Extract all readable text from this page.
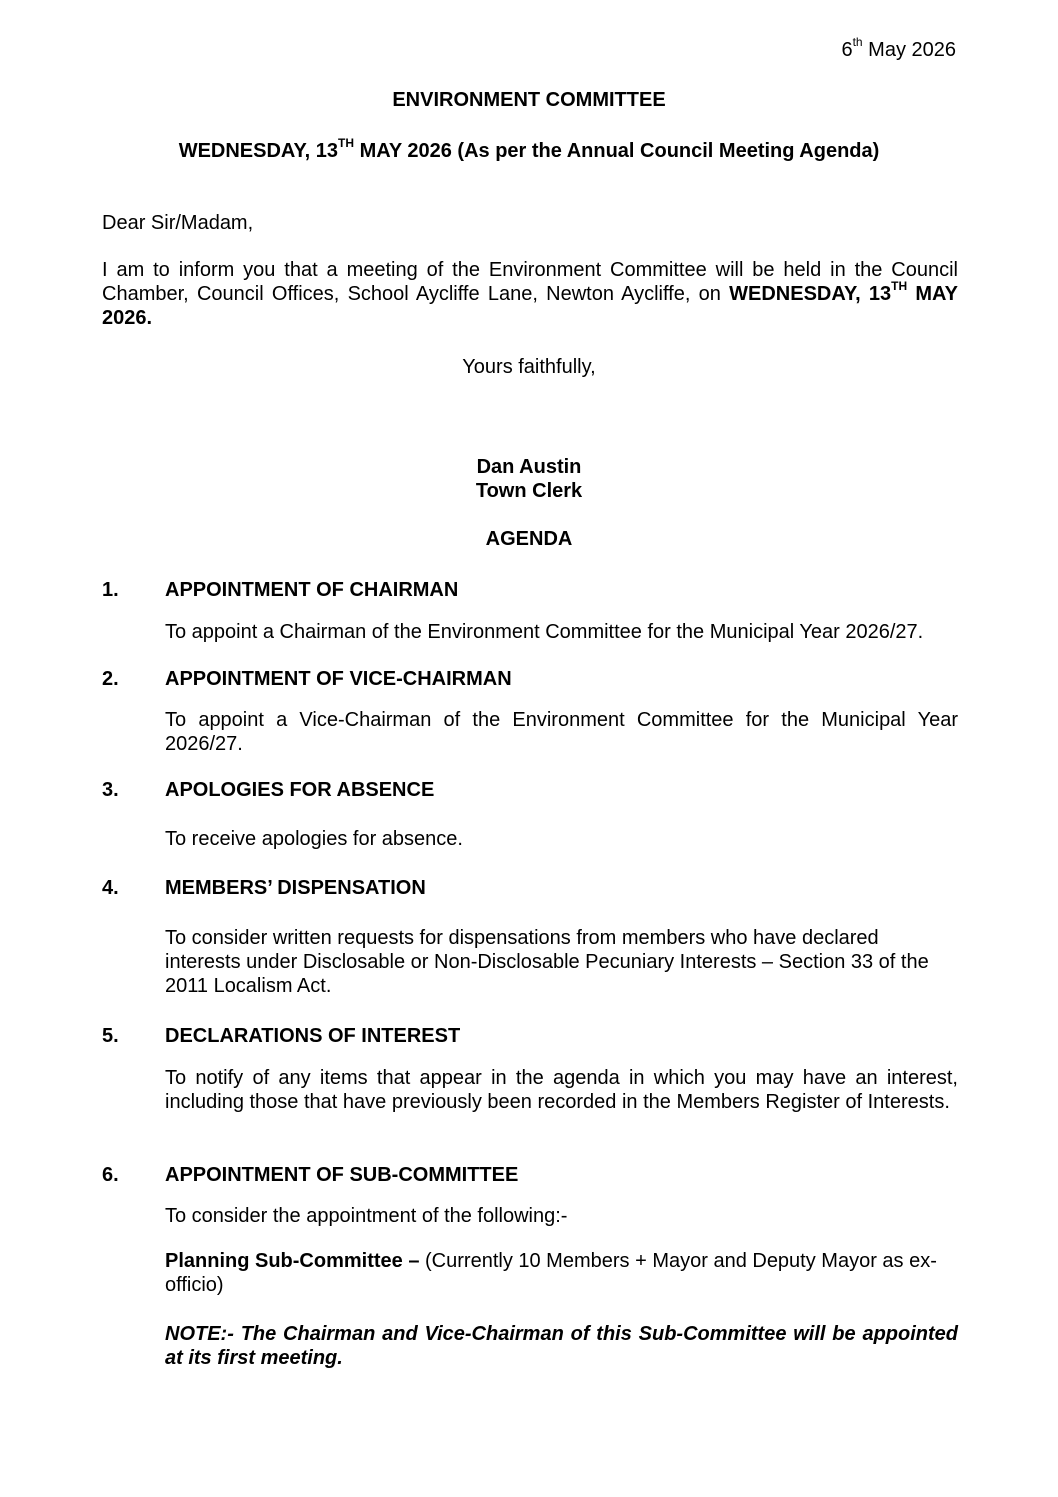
6th May 2026
ENVIRONMENT COMMITTEE
WEDNESDAY, 13TH MAY 2026 (As per the Annual Council Meeting Agenda)
Dear Sir/Madam,
I am to inform you that a meeting of the Environment Committee will be held in the Council Chamber, Council Offices, School Aycliffe Lane, Newton Aycliffe, on WEDNESDAY, 13TH MAY 2026.
Yours faithfully,
Dan Austin
Town Clerk
AGENDA
1. APPOINTMENT OF CHAIRMAN
To appoint a Chairman of the Environment Committee for the Municipal Year 2026/27.
2. APPOINTMENT OF VICE-CHAIRMAN
To appoint a Vice-Chairman of the Environment Committee for the Municipal Year 2026/27.
3. APOLOGIES FOR ABSENCE
To receive apologies for absence.
4. MEMBERS’ DISPENSATION
To consider written requests for dispensations from members who have declared interests under Disclosable or Non-Disclosable Pecuniary Interests – Section 33 of the 2011 Localism Act.
5. DECLARATIONS OF INTEREST
To notify of any items that appear in the agenda in which you may have an interest, including those that have previously been recorded in the Members Register of Interests.
6. APPOINTMENT OF SUB-COMMITTEE
To consider the appointment of the following:-
Planning Sub-Committee – (Currently 10 Members + Mayor and Deputy Mayor as ex-officio)
NOTE:- The Chairman and Vice-Chairman of this Sub-Committee will be appointed at its first meeting.
